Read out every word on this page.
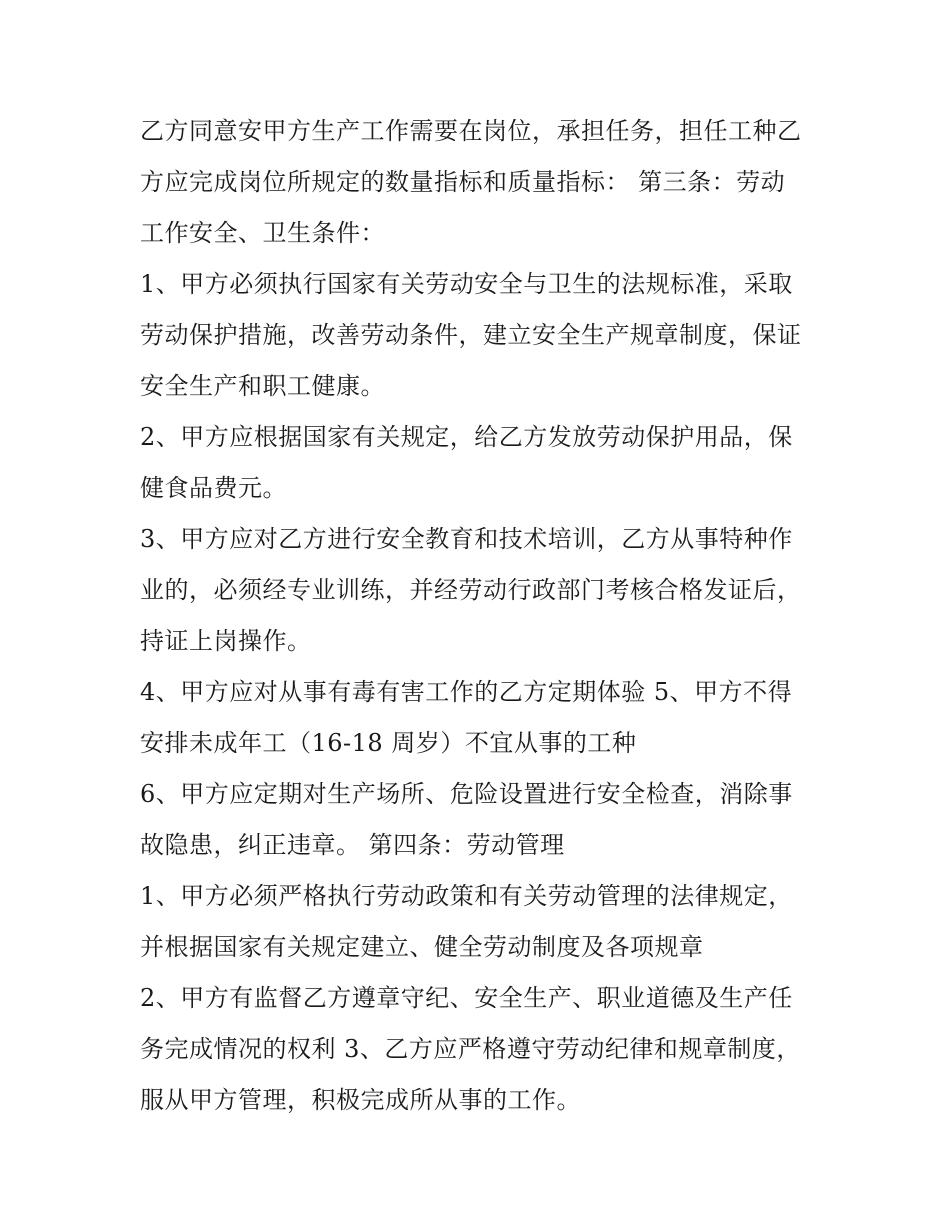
乙方同意安甲方生产工作需要在岗位，承担任务，担任工种乙
方应完成岗位所规定的数量指标和质量指标： 第三条：劳动
工作安全、卫生条件：
1、甲方必须执行国家有关劳动安全与卫生的法规标准，采取
劳动保护措施，改善劳动条件，建立安全生产规章制度，保证
安全生产和职工健康。
2、甲方应根据国家有关规定，给乙方发放劳动保护用品，保
健食品费元。
3、甲方应对乙方进行安全教育和技术培训，乙方从事特种作
业的，必须经专业训练，并经劳动行政部门考核合格发证后，
持证上岗操作。
4、甲方应对从事有毒有害工作的乙方定期体验 5、甲方不得
安排未成年工（16-18 周岁）不宜从事的工种
6、甲方应定期对生产场所、危险设置进行安全检查，消除事
故隐患，纠正违章。 第四条：劳动管理
1、甲方必须严格执行劳动政策和有关劳动管理的法律规定，
并根据国家有关规定建立、健全劳动制度及各项规章
2、甲方有监督乙方遵章守纪、安全生产、职业道德及生产任
务完成情况的权利 3、乙方应严格遵守劳动纪律和规章制度，
服从甲方管理，积极完成所从事的工作。
